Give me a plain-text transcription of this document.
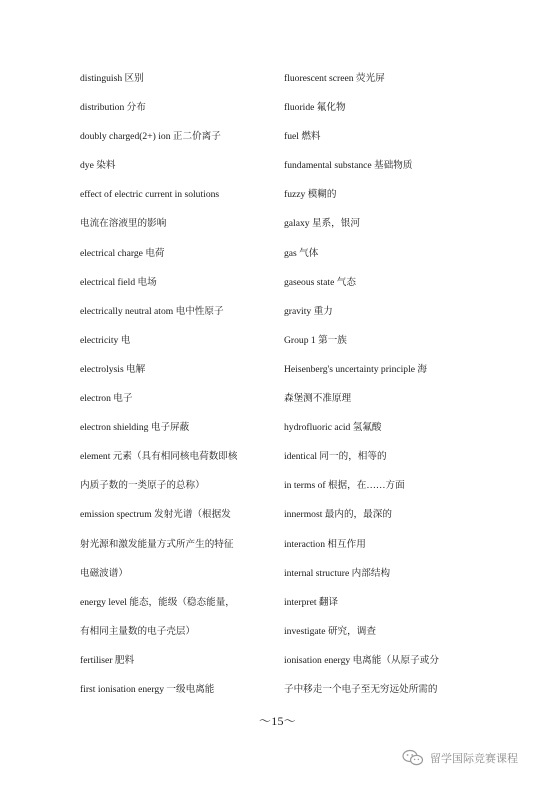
distinguish 区别
distribution 分布
doubly charged(2+) ion 正二价离子
dye 染料
effect of electric current in solutions
电流在溶液里的影响
electrical charge 电荷
electrical field 电场
electrically neutral atom 电中性原子
electricity 电
electrolysis 电解
electron 电子
electron shielding 电子屏蔽
element 元素（具有相同核电荷数即核
内质子数的一类原子的总称）
emission spectrum 发射光谱（根据发
射光源和激发能量方式所产生的特征
电磁波谱）
energy level 能态，能级（稳态能量，
有相同主量数的电子壳层）
fertiliser 肥料
first ionisation energy 一级电离能
fluorescent screen 荧光屏
fluoride 氟化物
fuel 燃料
fundamental substance 基础物质
fuzzy 模糊的
galaxy 星系，银河
gas 气体
gaseous state 气态
gravity 重力
Group 1 第一族
Heisenberg's uncertainty principle 海
森堡测不准原理
hydrofluoric acid 氢氟酸
identical 同一的，相等的
in terms of 根据，在……方面
innermost 最内的，最深的
interaction 相互作用
internal structure 内部结构
interpret 翻译
investigate 研究，调查
ionisation energy 电离能（从原子或分
子中移走一个电子至无穷远处所需的
～15～
留学国际竞赛课程
